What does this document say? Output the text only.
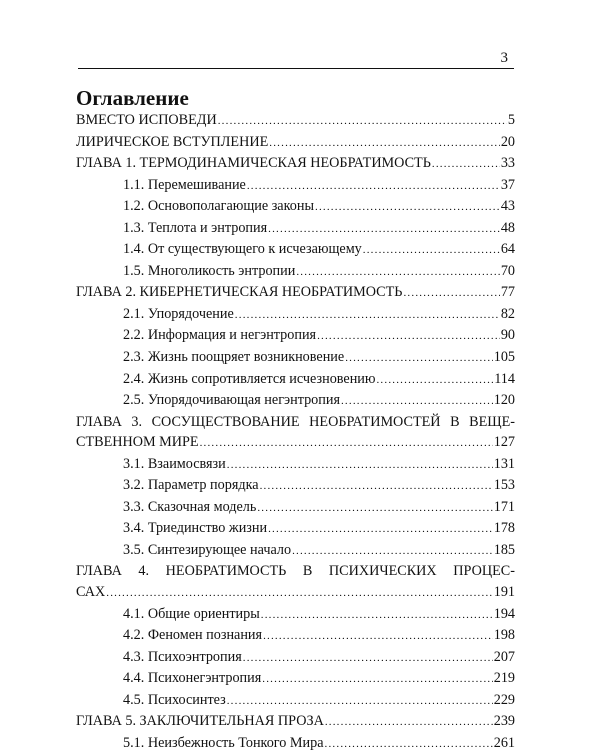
3
Оглавление
ВМЕСТО ИСПОВЕДИ .....	5
ЛИРИЧЕСКОЕ ВСТУПЛЕНИЕ .....	20
ГЛАВА 1. ТЕРМОДИНАМИЧЕСКАЯ НЕОБРАТИМОСТЬ .....	33
1.1. Перемешивание .....	37
1.2. Основополагающие законы .....	43
1.3. Теплота и энтропия .....	48
1.4. От существующего к исчезающему .....	64
1.5. Многоликость энтропии .....	70
ГЛАВА 2. КИБЕРНЕТИЧЕСКАЯ НЕОБРАТИМОСТЬ .....	77
2.1. Упорядочение .....	82
2.2. Информация и негэнтропия .....	90
2.3. Жизнь поощряет возникновение .....	105
2.4. Жизнь сопротивляется исчезновению .....	114
2.5. Упорядочивающая негэнтропия .....	120
ГЛАВА 3. СОСУЩЕСТВОВАНИЕ НЕОБРАТИМОСТЕЙ В ВЕЩЕ-
СТВЕННОМ МИРЕ .....	127
3.1. Взаимосвязи .....	131
3.2. Параметр порядка .....	153
3.3. Сказочная модель .....	171
3.4. Триединство жизни .....	178
3.5. Синтезирующее начало .....	185
ГЛАВА 4. НЕОБРАТИМОСТЬ В ПСИХИЧЕСКИХ ПРОЦЕС-
САХ .....	191
4.1. Общие ориентиры .....	194
4.2. Феномен познания .....	198
4.3. Психоэнтропия .....	207
4.4. Психонегэнтропия .....	219
4.5. Психосинтез .....	229
ГЛАВА 5. ЗАКЛЮЧИТЕЛЬНАЯ ПРОЗА .....	239
5.1. Неизбежность Тонкого Мира .....	261
